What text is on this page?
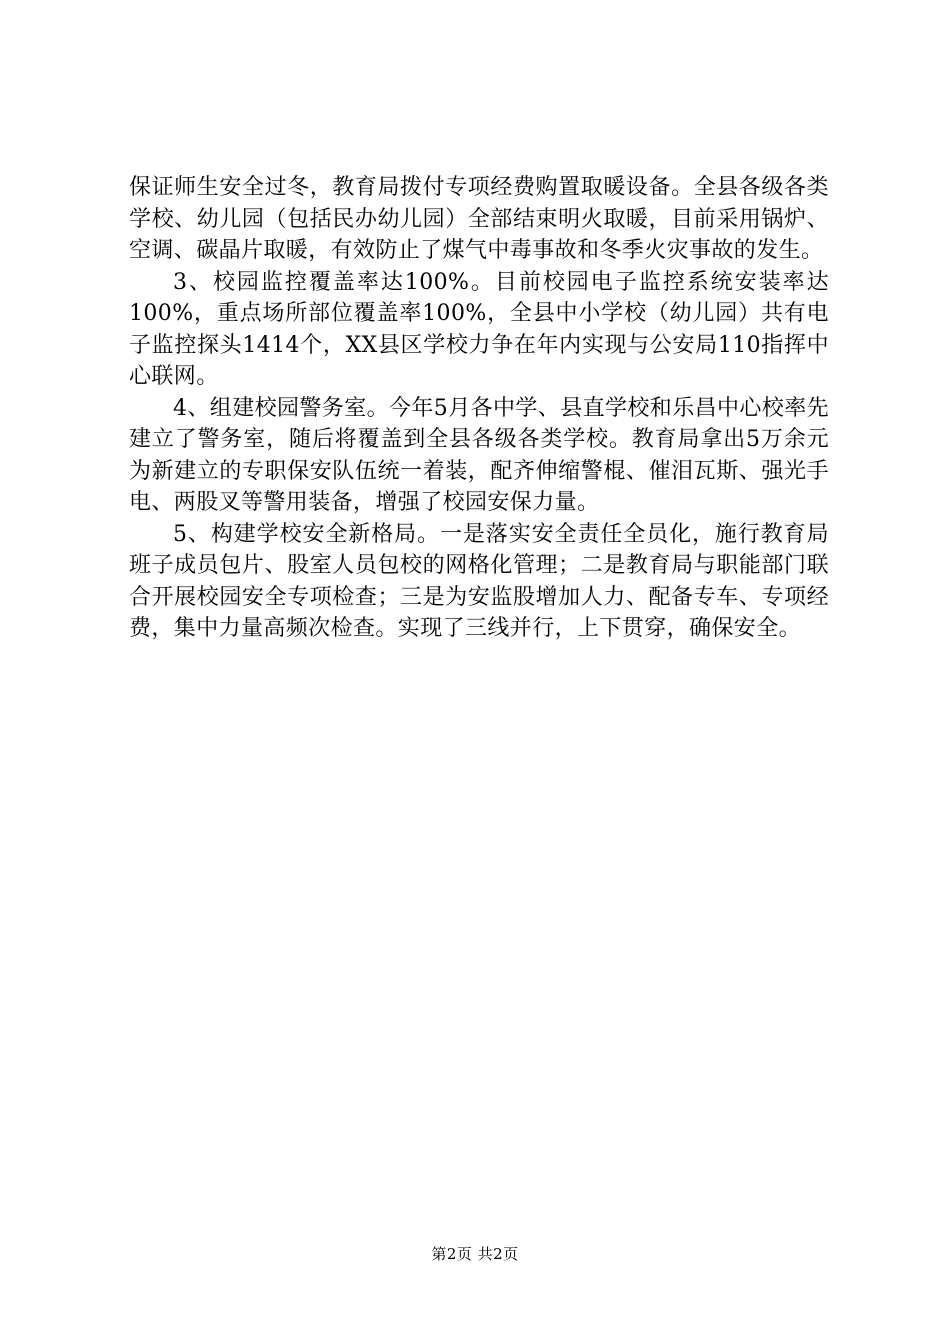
保证师生安全过冬，教育局拨付专项经费购置取暖设备。全县各级各类学校、幼儿园（包括民办幼儿园）全部结束明火取暖，目前采用锅炉、空调、碳晶片取暖，有效防止了煤气中毒事故和冬季火灾事故的发生。

3、校园监控覆盖率达100%。目前校园电子监控系统安装率达100%，重点场所部位覆盖率100%，全县中小学校（幼儿园）共有电子监控探头1414个，XX县区学校力争在年内实现与公安局110指挥中心联网。

4、组建校园警务室。今年5月各中学、县直学校和乐昌中心校率先建立了警务室，随后将覆盖到全县各级各类学校。教育局拿出5万余元为新建立的专职保安队伍统一着装，配齐伸缩警棍、催泪瓦斯、强光手电、两股叉等警用装备，增强了校园安保力量。

5、构建学校安全新格局。一是落实安全责任全员化，施行教育局班子成员包片、股室人员包校的网格化管理；二是教育局与职能部门联合开展校园安全专项检查；三是为安监股增加人力、配备专车、专项经费，集中力量高频次检查。实现了三线并行，上下贯穿，确保安全。

第2页 共2页
